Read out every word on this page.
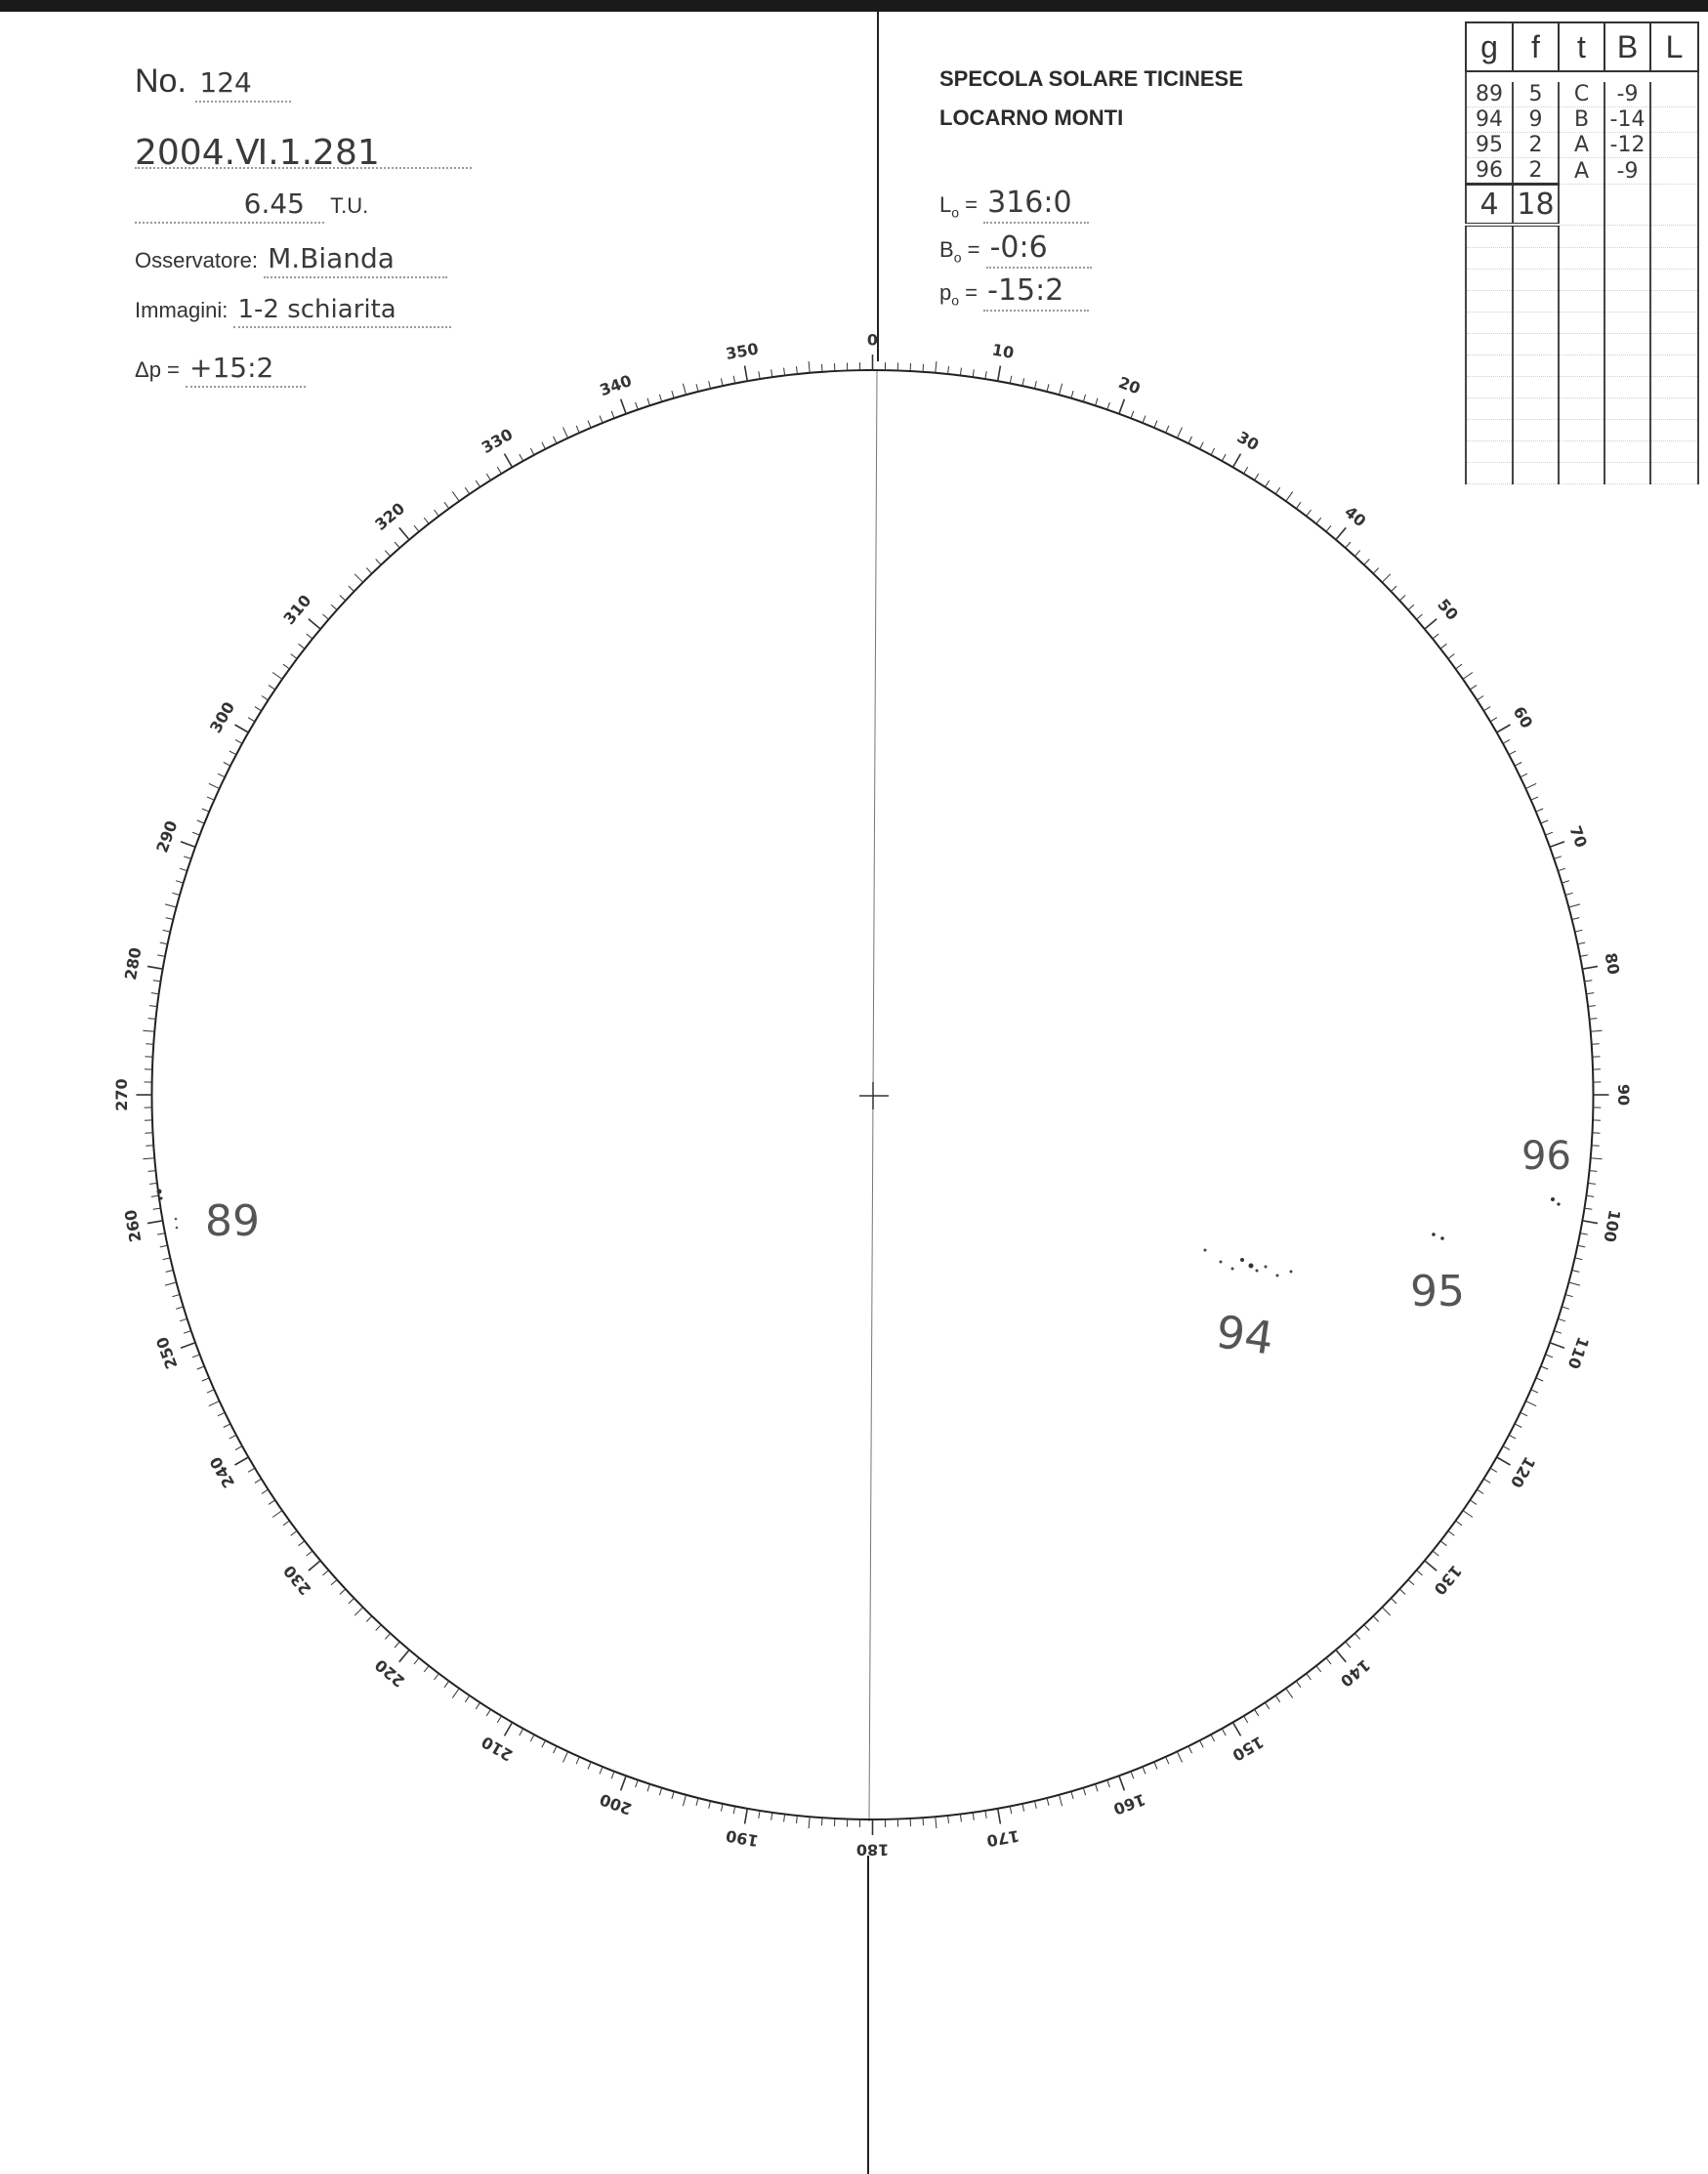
No. 124
2004.Ⅵ.1.281
6.45 T.U.
Osservatore: M.Bianda
Immagini: 1-2 schiarita
Δp = +15:2
SPECOLA SOLARE TICINESE
LOCARNO MONTI
$L_o$ = 316:0
$B_o$ = -0:6
$p_o$ = -15:2
g	f	t	B	L

89	5	C	-9	
94	9	B	-14	
95	2	A	-12	
96	2	A	-9	
4	18			

0
10
20
30
40
50
60
70
80
90
100
110
120
130
140
150
160
170
180
190
200
210
220
230
240
250
260
270
280
290
300
310
320
330
340
350
89
94
95
96
